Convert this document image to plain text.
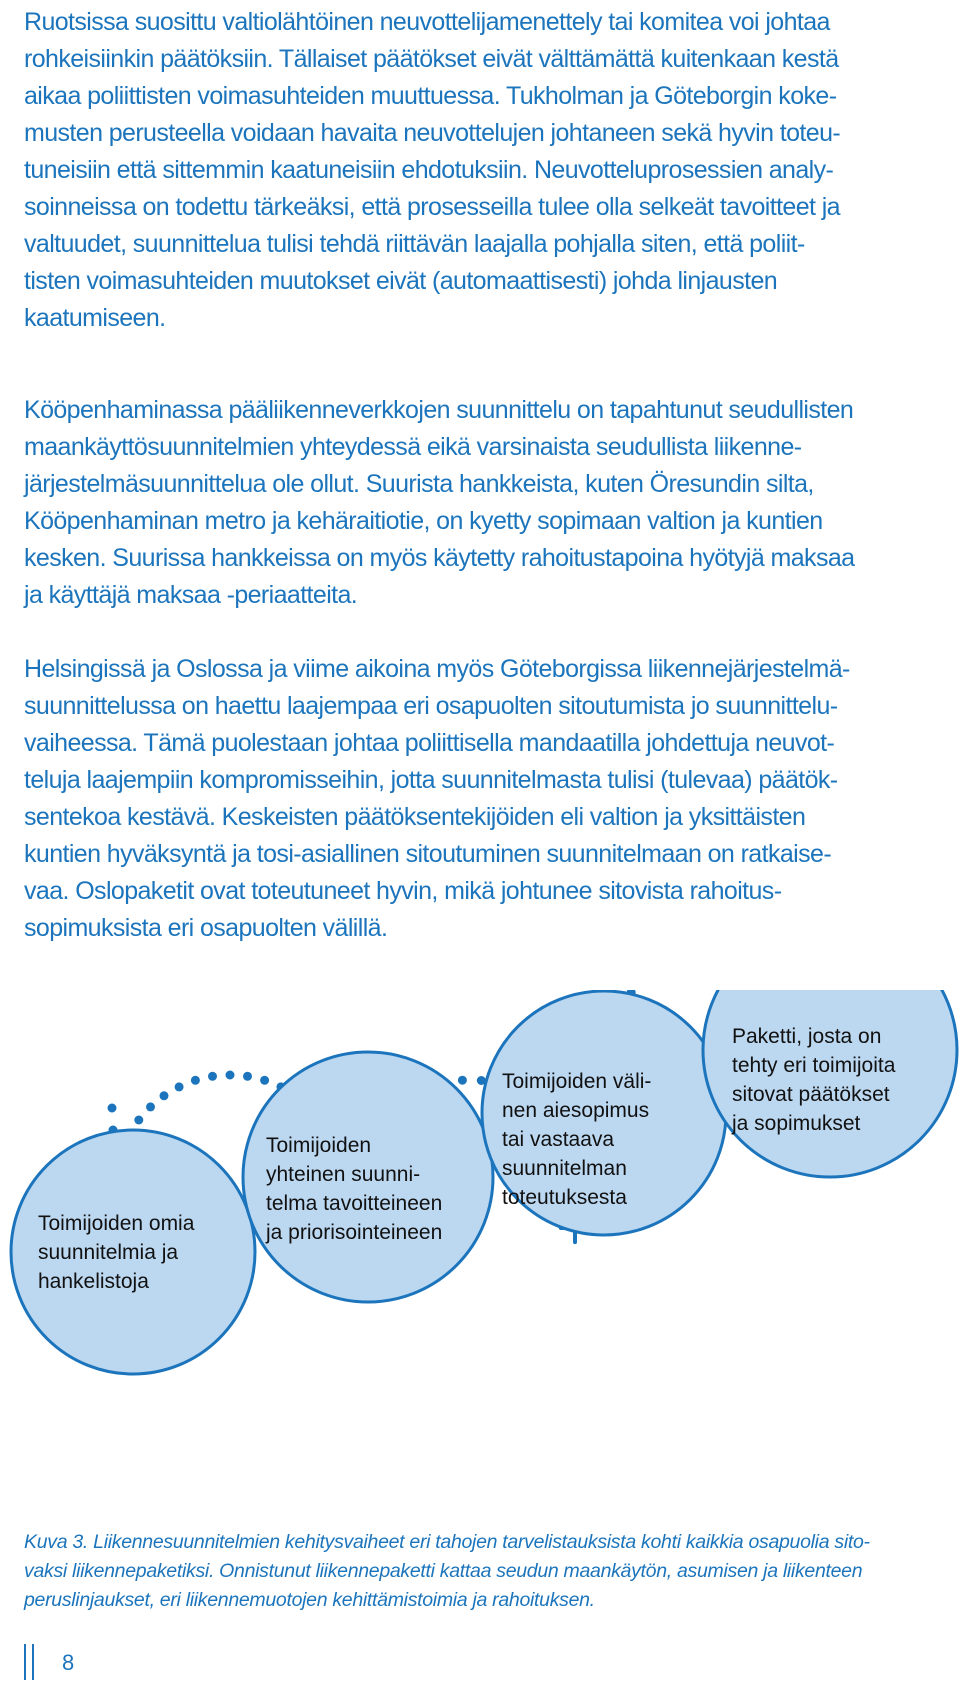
Ruotsissa suosittu valtiolähtöinen neuvottelijamenettely tai komitea voi johtaa
rohkeisiinkin päätöksiin. Tällaiset päätökset eivät välttämättä kuitenkaan kestä
aikaa poliittisten voimasuhteiden muuttuessa. Tukholman ja Göteborgin koke-
musten perusteella voidaan havaita neuvottelujen johtaneen sekä hyvin toteu-
tuneisiin että sittemmin kaatuneisiin ehdotuksiin. Neuvotteluprosessien analy-
soinneissa on todettu tärkeäksi, että prosesseilla tulee olla selkeät tavoitteet ja
valtuudet, suunnittelua tulisi tehdä riittävän laajalla pohjalla siten, että poliit-
tisten voimasuhteiden muutokset eivät (automaattisesti) johda linjausten
kaatumiseen.

Kööpenhaminassa pääliikenneverkkojen suunnittelu on tapahtunut seudullisten
maankäyttösuunnitelmien yhteydessä eikä varsinaista seudullista liikenne-
järjestelmäsuunnittelua ole ollut. Suurista hankkeista, kuten Öresundin silta,
Kööpenhaminan metro ja kehäraitiotie, on kyetty sopimaan valtion ja kuntien
kesken. Suurissa hankkeissa on myös käytetty rahoitustapoina hyötyjä maksaa
ja käyttäjä maksaa -periaatteita.

Helsingissä ja Oslossa ja viime aikoina myös Göteborgissa liikennejärjestelmä-
suunnittelussa on haettu laajempaa eri osapuolten sitoutumista jo suunnittelu-
vaiheessa. Tämä puolestaan johtaa poliittisella mandaatilla johdettuja neuvot-
teluja laajempiin kompromisseihin, jotta suunnitelmasta tulisi (tulevaa) päätök-
sentekoa kestävä. Keskeisten päätöksentekijöiden eli valtion ja yksittäisten
kuntien hyväksyntä ja tosi-asiallinen sitoutuminen suunnitelmaan on ratkaise-
vaa. Oslopaketit ovat toteutuneet hyvin, mikä johtunee sitovista rahoitus-
sopimuksista eri osapuolten välillä.

Toimijoiden omia suunnitelmia ja hankelistoja
Toimijoiden yhteinen suunni-telma tavoitteineen ja priorisointeineen
Toimijoiden väli-nen aiesopimus tai vastaava suunnitelman toteutuksesta
Paketti, josta on tehty eri toimijoita sitovat päätökset ja sopimukset

Kuva 3. Liikennesuunnitelmien kehitysvaiheet eri tahojen tarvelistauksista kohti kaikkia osapuolia sito-
vaksi liikennepaketiksi. Onnistunut liikennepaketti kattaa seudun maankäytön, asumisen ja liikenteen
peruslinjaukset, eri liikennemuotojen kehittämistoimia ja rahoituksen.

8
